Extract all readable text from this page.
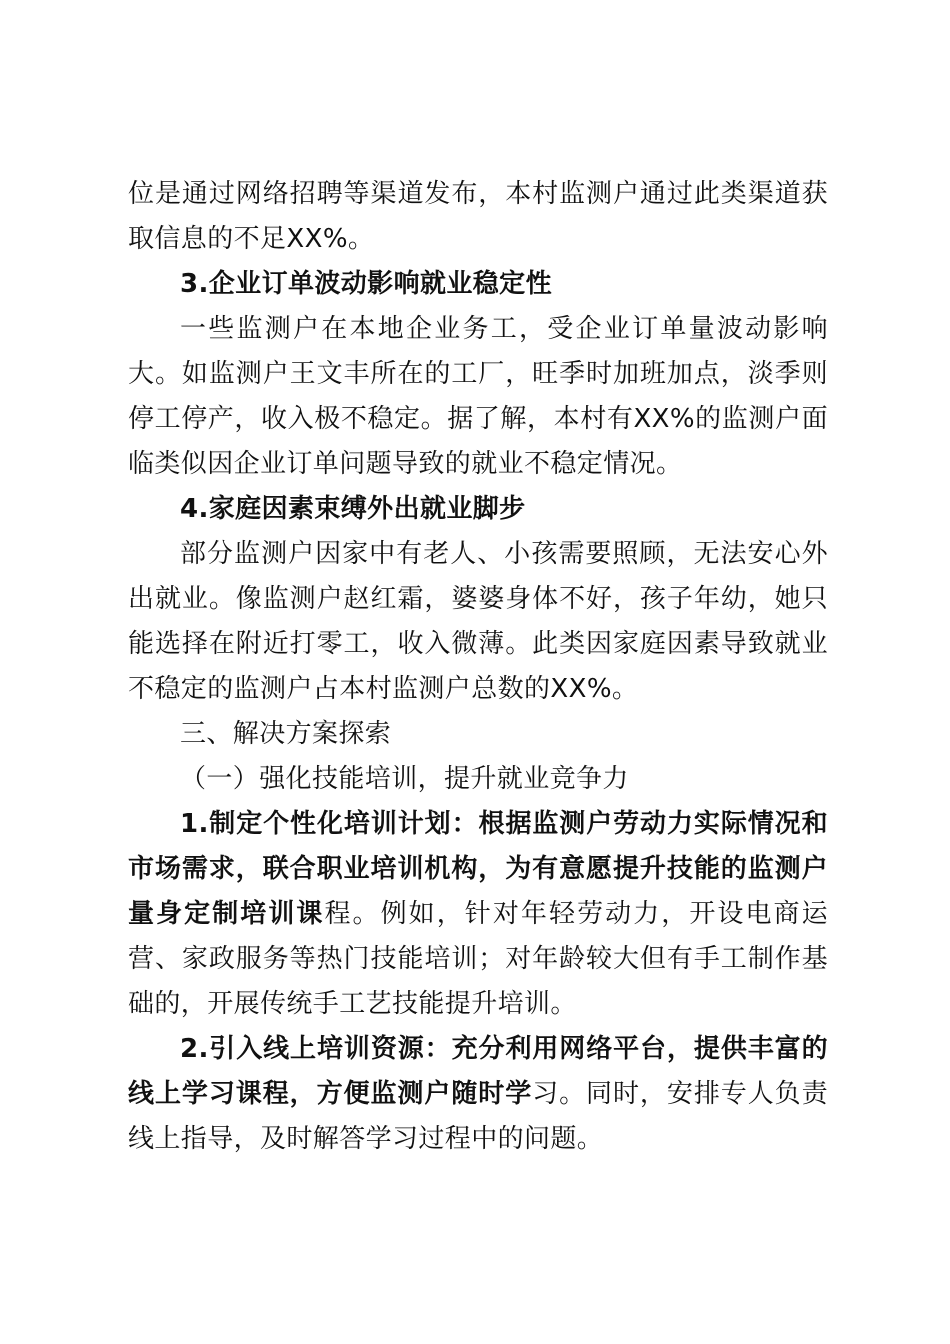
位是通过网络招聘等渠道发布，本村监测户通过此类渠道获取信息的不足XX%。

3.企业订单波动影响就业稳定性

一些监测户在本地企业务工，受企业订单量波动影响大。如监测户王文丰所在的工厂，旺季时加班加点，淡季则停工停产，收入极不稳定。据了解，本村有XX%的监测户面临类似因企业订单问题导致的就业不稳定情况。

4.家庭因素束缚外出就业脚步

部分监测户因家中有老人、小孩需要照顾，无法安心外出就业。像监测户赵红霜，婆婆身体不好，孩子年幼，她只能选择在附近打零工，收入微薄。此类因家庭因素导致就业不稳定的监测户占本村监测户总数的XX%。

三、解决方案探索

（一）强化技能培训，提升就业竞争力

1.制定个性化培训计划：根据监测户劳动力实际情况和市场需求，联合职业培训机构，为有意愿提升技能的监测户量身定制培训课程。例如，针对年轻劳动力，开设电商运营、家政服务等热门技能培训；对年龄较大但有手工制作基础的，开展传统手工艺技能提升培训。

2.引入线上培训资源：充分利用网络平台，提供丰富的线上学习课程，方便监测户随时学习。同时，安排专人负责线上指导，及时解答学习过程中的问题。
